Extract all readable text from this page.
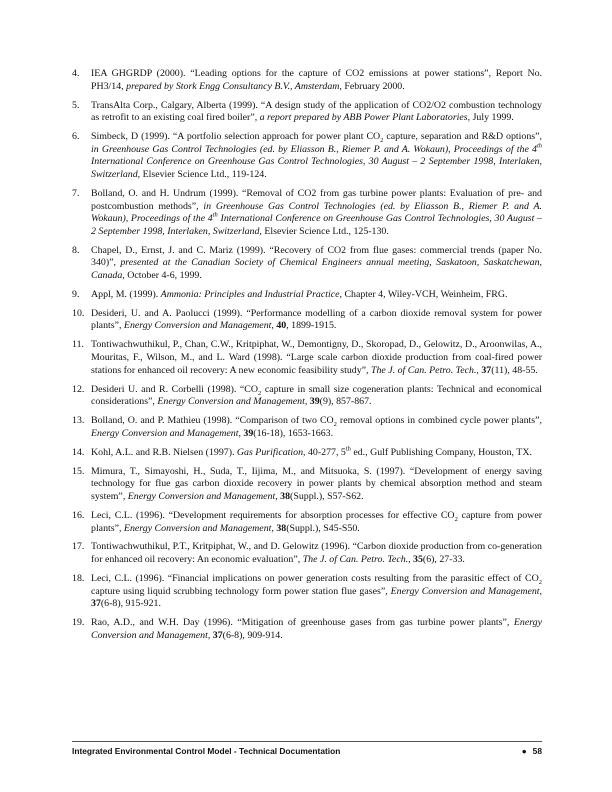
4.	IEA GHGRDP (2000). “Leading options for the capture of CO2 emissions at power stations”, Report No. PH3/14, prepared by Stork Engg Consultancy B.V., Amsterdam, February 2000.
5.	TransAlta Corp., Calgary, Alberta (1999). “A design study of the application of CO2/O2 combustion technology as retrofit to an existing coal fired boiler”, a report prepared by ABB Power Plant Laboratories, July 1999.
6.	Simbeck, D (1999). “A portfolio selection approach for power plant $CO_2$ capture, separation and R&D options”, in Greenhouse Gas Control Technologies (ed. by Eliasson B., Riemer P. and A. Wokaun), Proceedings of the 4th International Conference on Greenhouse Gas Control Technologies, 30 August – 2 September 1998, Interlaken, Switzerland, Elsevier Science Ltd., 119-124.
7.	Bolland, O. and H. Undrum (1999). “Removal of CO2 from gas turbine power plants: Evaluation of pre- and postcombustion methods”, in Greenhouse Gas Control Technologies (ed. by Eliasson B., Riemer P. and A. Wokaun), Proceedings of the 4th International Conference on Greenhouse Gas Control Technologies, 30 August – 2 September 1998, Interlaken, Switzerland, Elsevier Science Ltd., 125-130.
8.	Chapel, D., Ernst, J. and C. Mariz (1999). “Recovery of CO2 from flue gases: commercial trends (paper No. 340)”, presented at the Canadian Society of Chemical Engineers annual meeting, Saskatoon, Saskatchewan, Canada, October 4-6, 1999.
9.	Appl, M. (1999). Ammonia: Principles and Industrial Practice, Chapter 4, Wiley-VCH, Weinheim, FRG.
10. Desideri, U. and A. Paolucci (1999). “Performance modelling of a carbon dioxide removal system for power plants”, Energy Conversion and Management, 40, 1899-1915.
11. Tontiwachwuthikul, P., Chan, C.W., Kritpiphat, W., Demontigny, D., Skoropad, D., Gelowitz, D., Aroonwilas, A., Mouritas, F., Wilson, M., and L. Ward (1998). “Large scale carbon dioxide production from coal-fired power stations for enhanced oil recovery: A new economic feasibility study”, The J. of Can. Petro. Tech., 37(11), 48-55.
12. Desideri U. and R. Corbelli (1998). “$CO_2$ capture in small size cogeneration plants: Technical and economical considerations”, Energy Conversion and Management, 39(9), 857-867.
13. Bolland, O. and P. Mathieu (1998). “Comparison of two $CO_2$ removal options in combined cycle power plants”, Energy Conversion and Management, 39(16-18), 1653-1663.
14. Kohl, A.L. and R.B. Nielsen (1997). Gas Purification, 40-277, 5th ed., Gulf Publishing Company, Houston, TX.
15. Mimura, T., Simayoshi, H., Suda, T., Iijima, M., and Mitsuoka, S. (1997). “Development of energy saving technology for flue gas carbon dioxide recovery in power plants by chemical absorption method and steam system”, Energy Conversion and Management, 38(Suppl.), S57-S62.
16. Leci, C.L. (1996). “Development requirements for absorption processes for effective $CO_2$ capture from power plants”, Energy Conversion and Management, 38(Suppl.), S45-S50.
17. Tontiwachwuthikul, P.T., Kritpiphat, W., and D. Gelowitz (1996). “Carbon dioxide production from co-generation for enhanced oil recovery: An economic evaluation”, The J. of Can. Petro. Tech., 35(6), 27-33.
18. Leci, C.L. (1996). “Financial implications on power generation costs resulting from the parasitic effect of $CO_2$ capture using liquid scrubbing technology form power station flue gases”, Energy Conversion and Management, 37(6-8), 915-921.
19. Rao, A.D., and W.H. Day (1996). “Mitigation of greenhouse gases from gas turbine power plants”, Energy Conversion and Management, 37(6-8), 909-914.
Integrated Environmental Control Model - Technical Documentation	● 58
